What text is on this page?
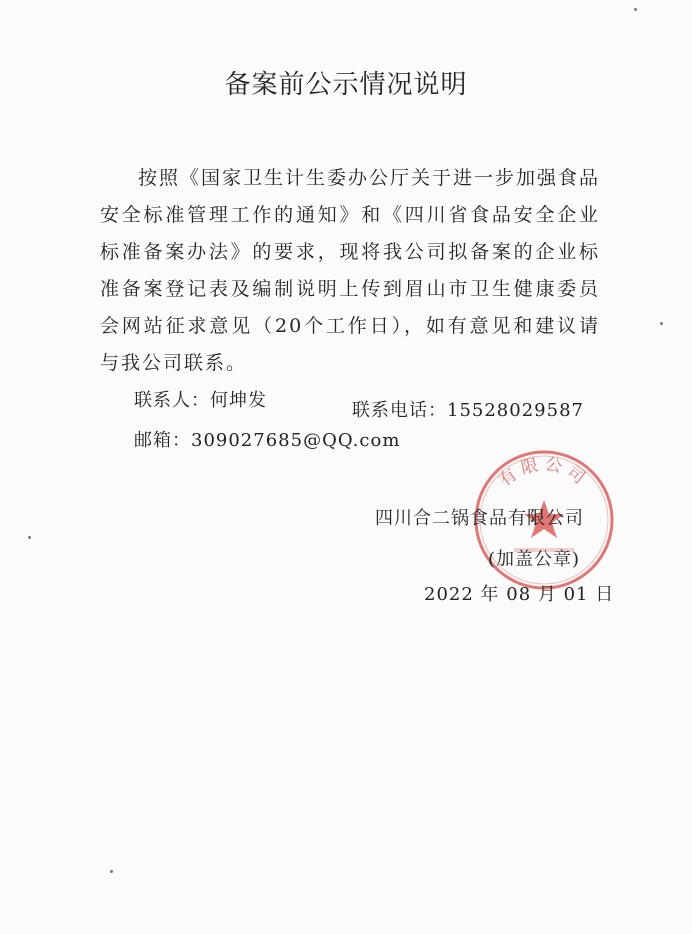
备案前公示情况说明
按照《国家卫生计生委办公厅关于进一步加强食品安全标准管理工作的通知》和《四川省食品安全企业标准备案办法》的要求，现将我公司拟备案的企业标准备案登记表及编制说明上传到眉山市卫生健康委员会网站征求意见（20个工作日），如有意见和建议请与我公司联系。
联系人：何坤发	联系电话：15528029587
邮箱：309027685@QQ.com
有限公司
四川合二锅食品有限公司
(加盖公章)
2022 年 08 月 01 日
